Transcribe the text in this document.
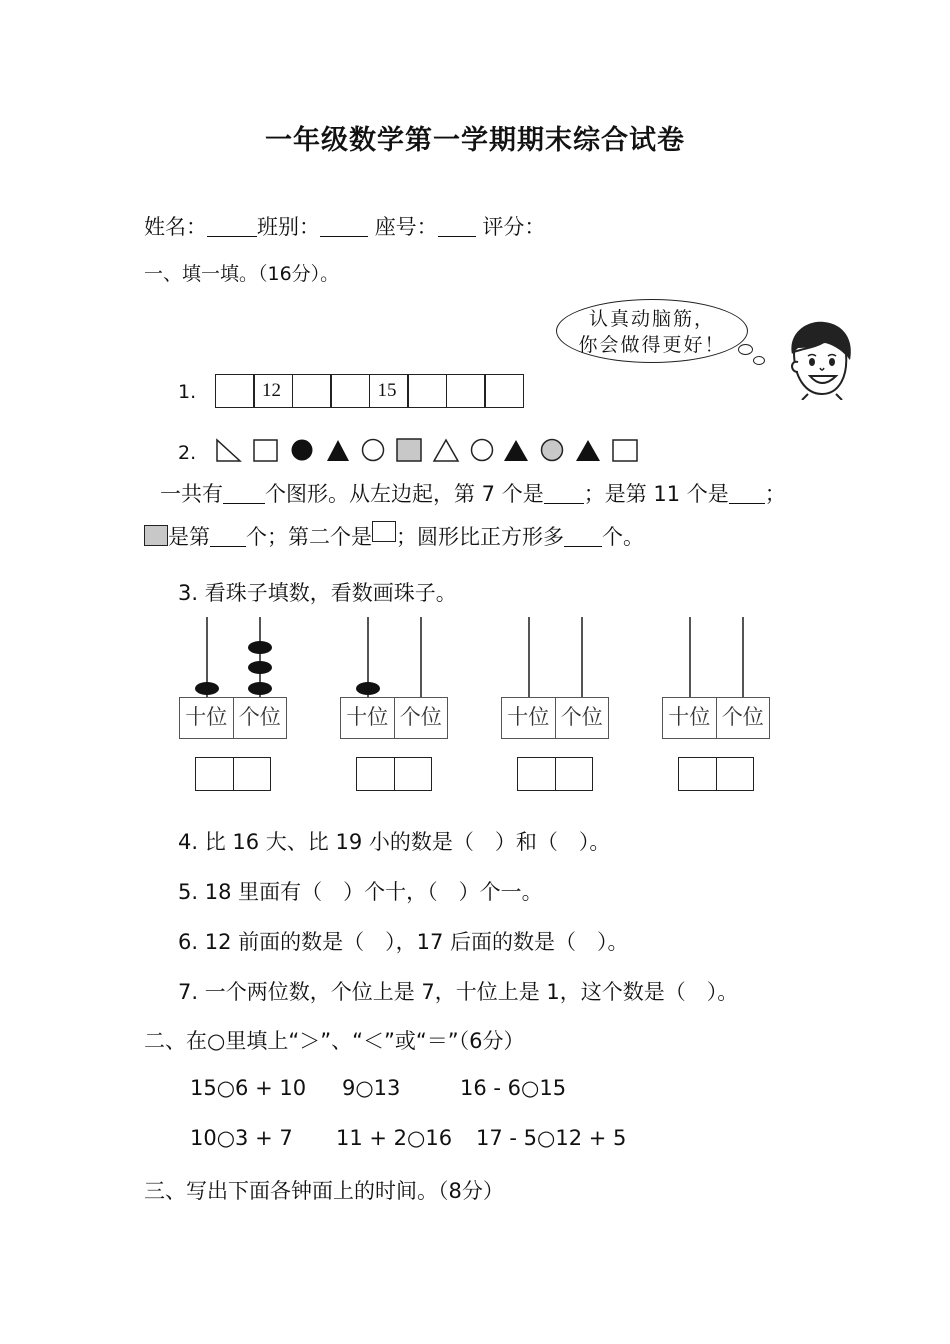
一年级数学第一学期期末综合试卷
姓名： 班别：	座号： 评分：
一、填一填。（16分）。
认真动脑筋，
你会做得更好！
1.	12	15
2.
一共有 个图形。从左边起，第 7 个是 ；是第 11 个是 ；
是第 个；第二个是 ；圆形比正方形多 个。
3. 看珠子填数，看数画珠子。
十位 个位	十位 个位	十位 个位	十位 个位
4. 比 16 大、比 19 小的数是（　）和（　）。
5. 18 里面有（　）个十，（　）个一。
6. 12 前面的数是（　），17 后面的数是（　）。
7. 一个两位数，个位上是 7，十位上是 1，这个数是（　）。
二、在○里填上“＞”、“＜”或“＝”（6分）
15○6 + 10 9○13	16 - 6○15
10○3 + 7 11 + 2○16 17 - 5○12 + 5
三、写出下面各钟面上的时间。（8分）
